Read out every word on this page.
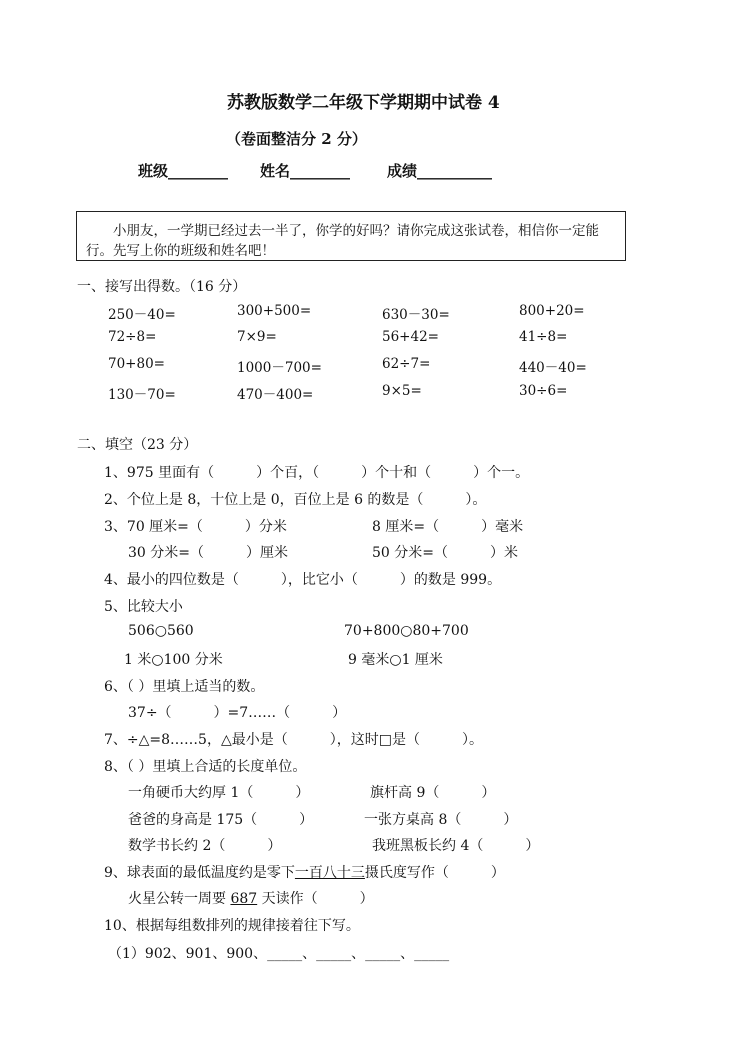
苏教版数学二年级下学期期中试卷 4
（卷面整洁分 2 分）
班级________ 姓名________ 成绩__________
小朋友，一学期已经过去一半了，你学的好吗？请你完成这张试卷，相信你一定能
行。先写上你的班级和姓名吧！
一、接写出得数。（16 分）
250－40=	300+500=	630－30=	800+20=
72÷8=	7×9=	56+42=	41÷8=
70+80=	1000－700=	62÷7=	440－40=
130－70=	470－400=	9×5=	30÷6=
二、填空（23 分）
1、975 里面有（　　　）个百，（　　　）个十和（　　　）个一。
2、个位上是 8，十位上是 0，百位上是 6 的数是（　　　）。
3、70 厘米=（　　　）分米	8 厘米=（　　　）毫米
30 分米=（　　　）厘米	50 分米=（　　　）米
4、最小的四位数是（　　　），比它小（　　　）的数是 999。
5、比较大小
506○560	70+800○80+700
1 米○100 分米	9 毫米○1 厘米
6、（ ）里填上适当的数。
37÷（　　　）=7……（　　　）
7、÷△=8……5，△最小是（　　　），这时□是（　　　）。
8、（ ）里填上合适的长度单位。
一角硬币大约厚 1（　　　）	旗杆高 9（　　　）
爸爸的身高是 175（　　　）	一张方桌高 8（　　　）
数学书长约 2（　　　）	我班黑板长约 4（　　　）
9、球表面的最低温度约是零下一百八十三摄氏度写作（　　　）
火星公转一周要 687 天读作（　　　）
10、根据每组数排列的规律接着往下写。
（1）902、901、900、_____、_____、_____、_____
